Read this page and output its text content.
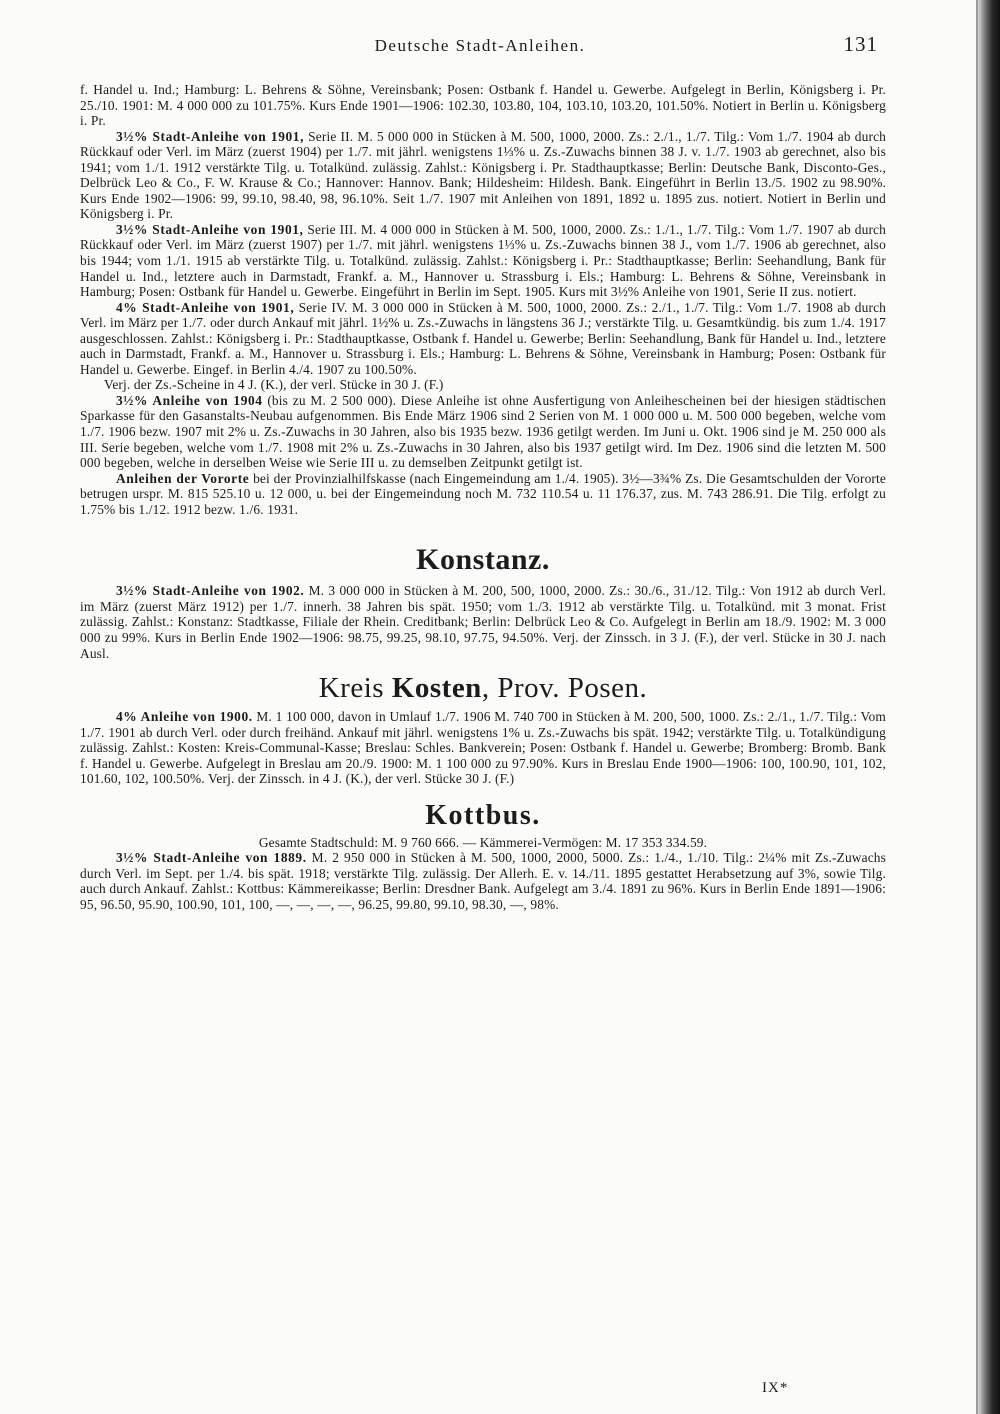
Deutsche Stadt-Anleihen.	131

f. Handel u. Ind.; Hamburg: L. Behrens & Söhne, Vereinsbank; Posen: Ostbank f. Handel u. Gewerbe. Aufgelegt in Berlin, Königsberg i. Pr. 25./10. 1901: M. 4 000 000 zu 101.75%. Kurs Ende 1901—1906: 102.30, 103.80, 104, 103.10, 103.20, 101.50%. Notiert in Berlin u. Königsberg i. Pr.

3½% Stadt-Anleihe von 1901, Serie II. M. 5 000 000 in Stücken à M. 500, 1000, 2000. Zs.: 2./1., 1./7. Tilg.: Vom 1./7. 1904 ab durch Rückkauf oder Verl. im März (zuerst 1904) per 1./7. mit jährl. wenigstens 1⅓% u. Zs.-Zuwachs binnen 38 J. v. 1./7. 1903 ab gerechnet, also bis 1941; vom 1./1. 1912 verstärkte Tilg. u. Totalkünd. zulässig. Zahlst.: Königsberg i. Pr. Stadthauptkasse; Berlin: Deutsche Bank, Disconto-Ges., Delbrück Leo & Co., F. W. Krause & Co.; Hannover: Hannov. Bank; Hildesheim: Hildesh. Bank. Eingeführt in Berlin 13./5. 1902 zu 98.90%. Kurs Ende 1902—1906: 99, 99.10, 98.40, 98, 96.10%. Seit 1./7. 1907 mit Anleihen von 1891, 1892 u. 1895 zus. notiert. Notiert in Berlin und Königsberg i. Pr.

3½% Stadt-Anleihe von 1901, Serie III. M. 4 000 000 in Stücken à M. 500, 1000, 2000. Zs.: 1./1., 1./7. Tilg.: Vom 1./7. 1907 ab durch Rückkauf oder Verl. im März (zuerst 1907) per 1./7. mit jährl. wenigstens 1⅓% u. Zs.-Zuwachs binnen 38 J., vom 1./7. 1906 ab gerechnet, also bis 1944; vom 1./1. 1915 ab verstärkte Tilg. u. Totalkünd. zulässig. Zahlst.: Königsberg i. Pr.: Stadthauptkasse; Berlin: Seehandlung, Bank für Handel u. Ind., letztere auch in Darmstadt, Frankf. a. M., Hannover u. Strassburg i. Els.; Hamburg: L. Behrens & Söhne, Vereinsbank in Hamburg; Posen: Ostbank für Handel u. Gewerbe. Eingeführt in Berlin im Sept. 1905. Kurs mit 3½% Anleihe von 1901, Serie II zus. notiert.

4% Stadt-Anleihe von 1901, Serie IV. M. 3 000 000 in Stücken à M. 500, 1000, 2000. Zs.: 2./1., 1./7. Tilg.: Vom 1./7. 1908 ab durch Verl. im März per 1./7. oder durch Ankauf mit jährl. 1½% u. Zs.-Zuwachs in längstens 36 J.; verstärkte Tilg. u. Gesamtkündig. bis zum 1./4. 1917 ausgeschlossen. Zahlst.: Königsberg i. Pr.: Stadthauptkasse, Ostbank f. Handel u. Gewerbe; Berlin: Seehandlung, Bank für Handel u. Ind., letztere auch in Darmstadt, Frankf. a. M., Hannover u. Strassburg i. Els.; Hamburg: L. Behrens & Söhne, Vereinsbank in Hamburg; Posen: Ostbank für Handel u. Gewerbe. Eingef. in Berlin 4./4. 1907 zu 100.50%.

Verj. der Zs.-Scheine in 4 J. (K.), der verl. Stücke in 30 J. (F.)

3½% Anleihe von 1904 (bis zu M. 2 500 000). Diese Anleihe ist ohne Ausfertigung von Anleihescheinen bei der hiesigen städtischen Sparkasse für den Gasanstalts-Neubau aufgenommen. Bis Ende März 1906 sind 2 Serien von M. 1 000 000 u. M. 500 000 begeben, welche vom 1./7. 1906 bezw. 1907 mit 2% u. Zs.-Zuwachs in 30 Jahren, also bis 1935 bezw. 1936 getilgt werden. Im Juni u. Okt. 1906 sind je M. 250 000 als III. Serie begeben, welche vom 1./7. 1908 mit 2% u. Zs.-Zuwachs in 30 Jahren, also bis 1937 getilgt wird. Im Dez. 1906 sind die letzten M. 500 000 begeben, welche in derselben Weise wie Serie III u. zu demselben Zeitpunkt getilgt ist.

Anleihen der Vororte bei der Provinzialhilfskasse (nach Eingemeindung am 1./4. 1905). 3½—3¾% Zs. Die Gesamtschulden der Vororte betrugen urspr. M. 815 525.10 u. 12 000, u. bei der Eingemeindung noch M. 732 110.54 u. 11 176.37, zus. M. 743 286.91. Die Tilg. erfolgt zu 1.75% bis 1./12. 1912 bezw. 1./6. 1931.

Konstanz.

3½% Stadt-Anleihe von 1902. M. 3 000 000 in Stücken à M. 200, 500, 1000, 2000. Zs.: 30./6., 31./12. Tilg.: Von 1912 ab durch Verl. im März (zuerst März 1912) per 1./7. innerh. 38 Jahren bis spät. 1950; vom 1./3. 1912 ab verstärkte Tilg. u. Totalkünd. mit 3 monat. Frist zulässig. Zahlst.: Konstanz: Stadtkasse, Filiale der Rhein. Creditbank; Berlin: Delbrück Leo & Co. Aufgelegt in Berlin am 18./9. 1902: M. 3 000 000 zu 99%. Kurs in Berlin Ende 1902—1906: 98.75, 99.25, 98.10, 97.75, 94.50%. Verj. der Zinssch. in 3 J. (F.), der verl. Stücke in 30 J. nach Ausl.

Kreis Kosten, Prov. Posen.

4% Anleihe von 1900. M. 1 100 000, davon in Umlauf 1./7. 1906 M. 740 700 in Stücken à M. 200, 500, 1000. Zs.: 2./1., 1./7. Tilg.: Vom 1./7. 1901 ab durch Verl. oder durch freihänd. Ankauf mit jährl. wenigstens 1% u. Zs.-Zuwachs bis spät. 1942; verstärkte Tilg. u. Totalkündigung zulässig. Zahlst.: Kosten: Kreis-Communal-Kasse; Breslau: Schles. Bankverein; Posen: Ostbank f. Handel u. Gewerbe; Bromberg: Bromb. Bank f. Handel u. Gewerbe. Aufgelegt in Breslau am 20./9. 1900: M. 1 100 000 zu 97.90%. Kurs in Breslau Ende 1900—1906: 100, 100.90, 101, 102, 101.60, 102, 100.50%. Verj. der Zinssch. in 4 J. (K.), der verl. Stücke 30 J. (F.)

Kottbus.

Gesamte Stadtschuld: M. 9 760 666. — Kämmerei-Vermögen: M. 17 353 334.59.

3½% Stadt-Anleihe von 1889. M. 2 950 000 in Stücken à M. 500, 1000, 2000, 5000. Zs.: 1./4., 1./10. Tilg.: 2¼% mit Zs.-Zuwachs durch Verl. im Sept. per 1./4. bis spät. 1918; verstärkte Tilg. zulässig. Der Allerh. E. v. 14./11. 1895 gestattet Herabsetzung auf 3%, sowie Tilg. auch durch Ankauf. Zahlst.: Kottbus: Kämmereikasse; Berlin: Dresdner Bank. Aufgelegt am 3./4. 1891 zu 96%. Kurs in Berlin Ende 1891—1906: 95, 96.50, 95.90, 100.90, 101, 100, —, —, —, —, 96.25, 99.80, 99.10, 98.30, —, 98%.

IX*
